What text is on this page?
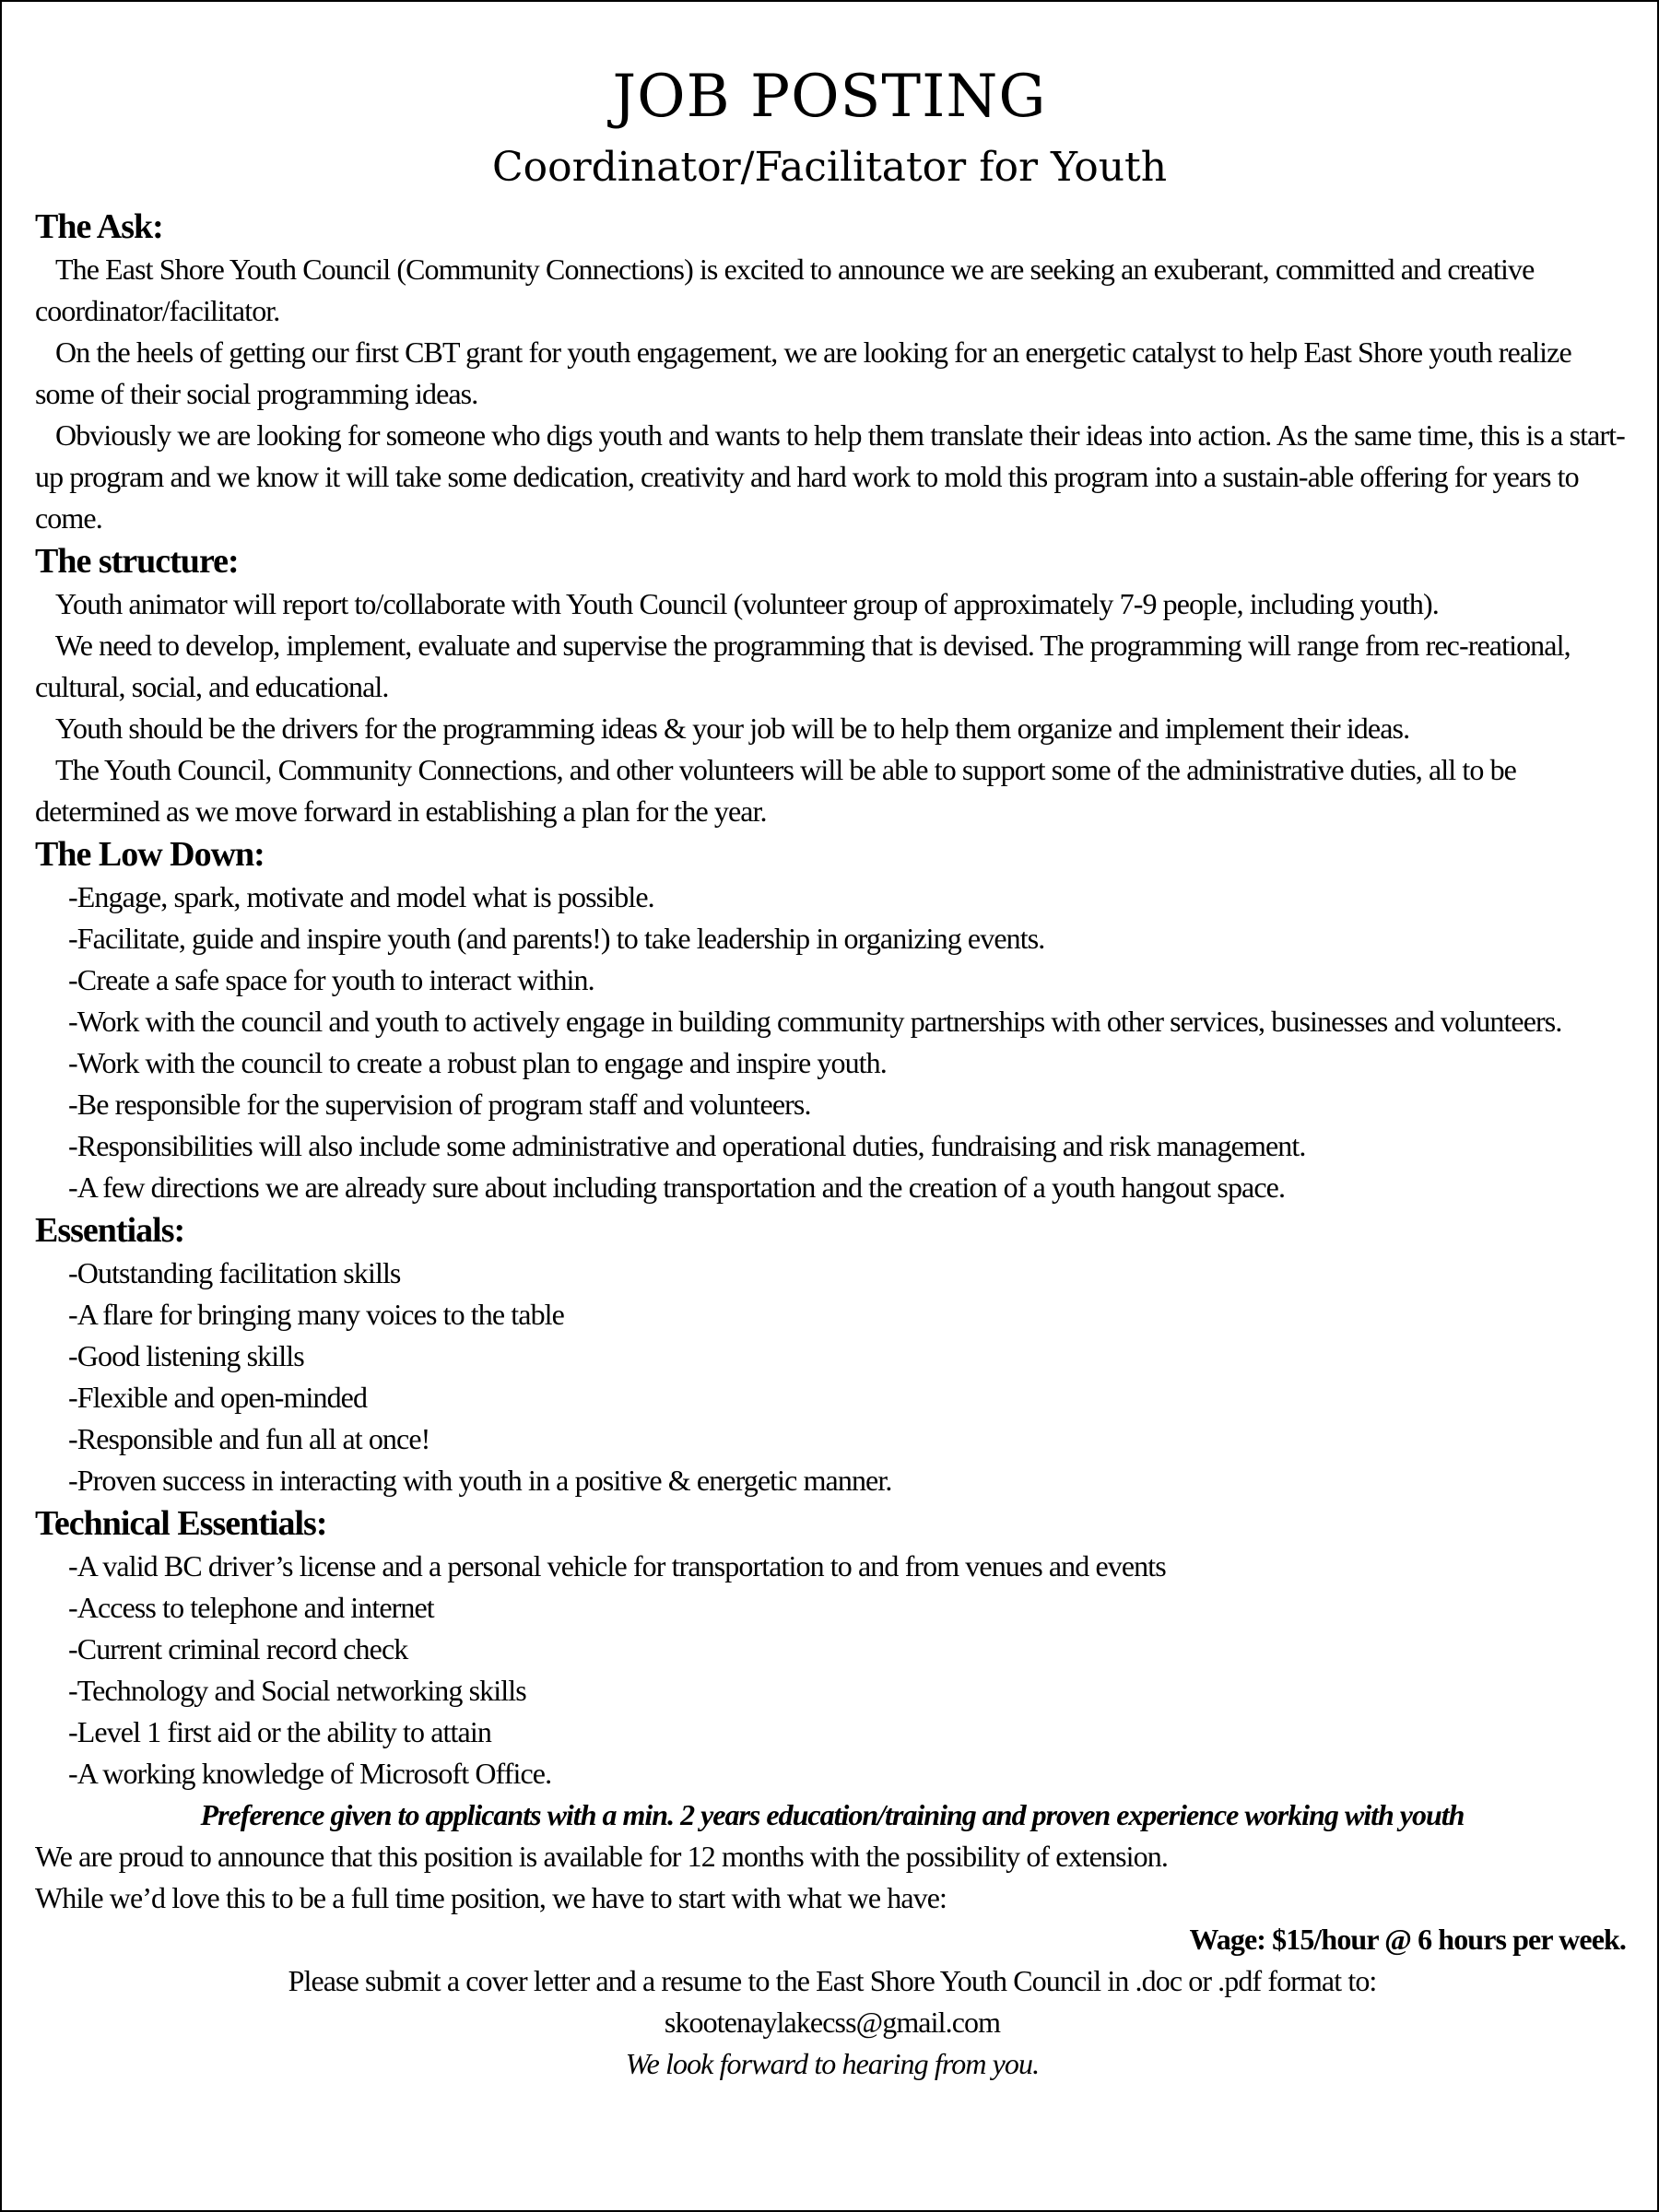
JOB POSTING
Coordinator/Facilitator for Youth
The Ask:
The East Shore Youth Council (Community Connections) is excited to announce we are seeking an exuberant, committed and creative coordinator/facilitator.
On the heels of getting our first CBT grant for youth engagement, we are looking for an energetic catalyst to help East Shore youth realize some of their social programming ideas.
Obviously we are looking for someone who digs youth and wants to help them translate their ideas into action. As the same time, this is a start-up program and we know it will take some dedication, creativity and hard work to mold this program into a sustain-able offering for years to come.
The structure:
Youth animator will report to/collaborate with Youth Council (volunteer group of approximately 7-9 people, including youth).
We need to develop, implement, evaluate and supervise the programming that is devised. The programming will range from rec-reational, cultural, social, and educational.
Youth should be the drivers for the programming ideas & your job will be to help them organize and implement their ideas.
The Youth Council, Community Connections, and other volunteers will be able to support some of the administrative duties, all to be determined as we move forward in establishing a plan for the year.
The Low Down:
-Engage, spark, motivate and model what is possible.
-Facilitate, guide and inspire youth (and parents!) to take leadership in organizing events.
-Create a safe space for youth to interact within.
-Work with the council and youth to actively engage in building community partnerships with other services, businesses and volunteers.
-Work with the council to create a robust plan to engage and inspire youth.
-Be responsible for the supervision of program staff and volunteers.
-Responsibilities will also include some administrative and operational duties, fundraising and risk management.
-A few directions we are already sure about including transportation and the creation of a youth hangout space.
Essentials:
-Outstanding facilitation skills
-A flare for bringing many voices to the table
-Good listening skills
-Flexible and open-minded
-Responsible and fun all at once!
-Proven success in interacting with youth in a positive & energetic manner.
Technical Essentials:
-A valid BC driver’s license and a personal vehicle for transportation to and from venues and events
-Access to telephone and internet
-Current criminal record check
-Technology and Social networking skills
-Level 1 first aid or the ability to attain
-A working knowledge of Microsoft Office.
Preference given to applicants with a min. 2 years education/training and proven experience working with youth
We are proud to announce that this position is available for 12 months with the possibility of extension.
While we’d love this to be a full time position, we have to start with what we have:
Wage: $15/hour @ 6 hours per week.
Please submit a cover letter and a resume to the East Shore Youth Council in .doc or .pdf format to:
skootenaylakecss@gmail.com
We look forward to hearing from you.
